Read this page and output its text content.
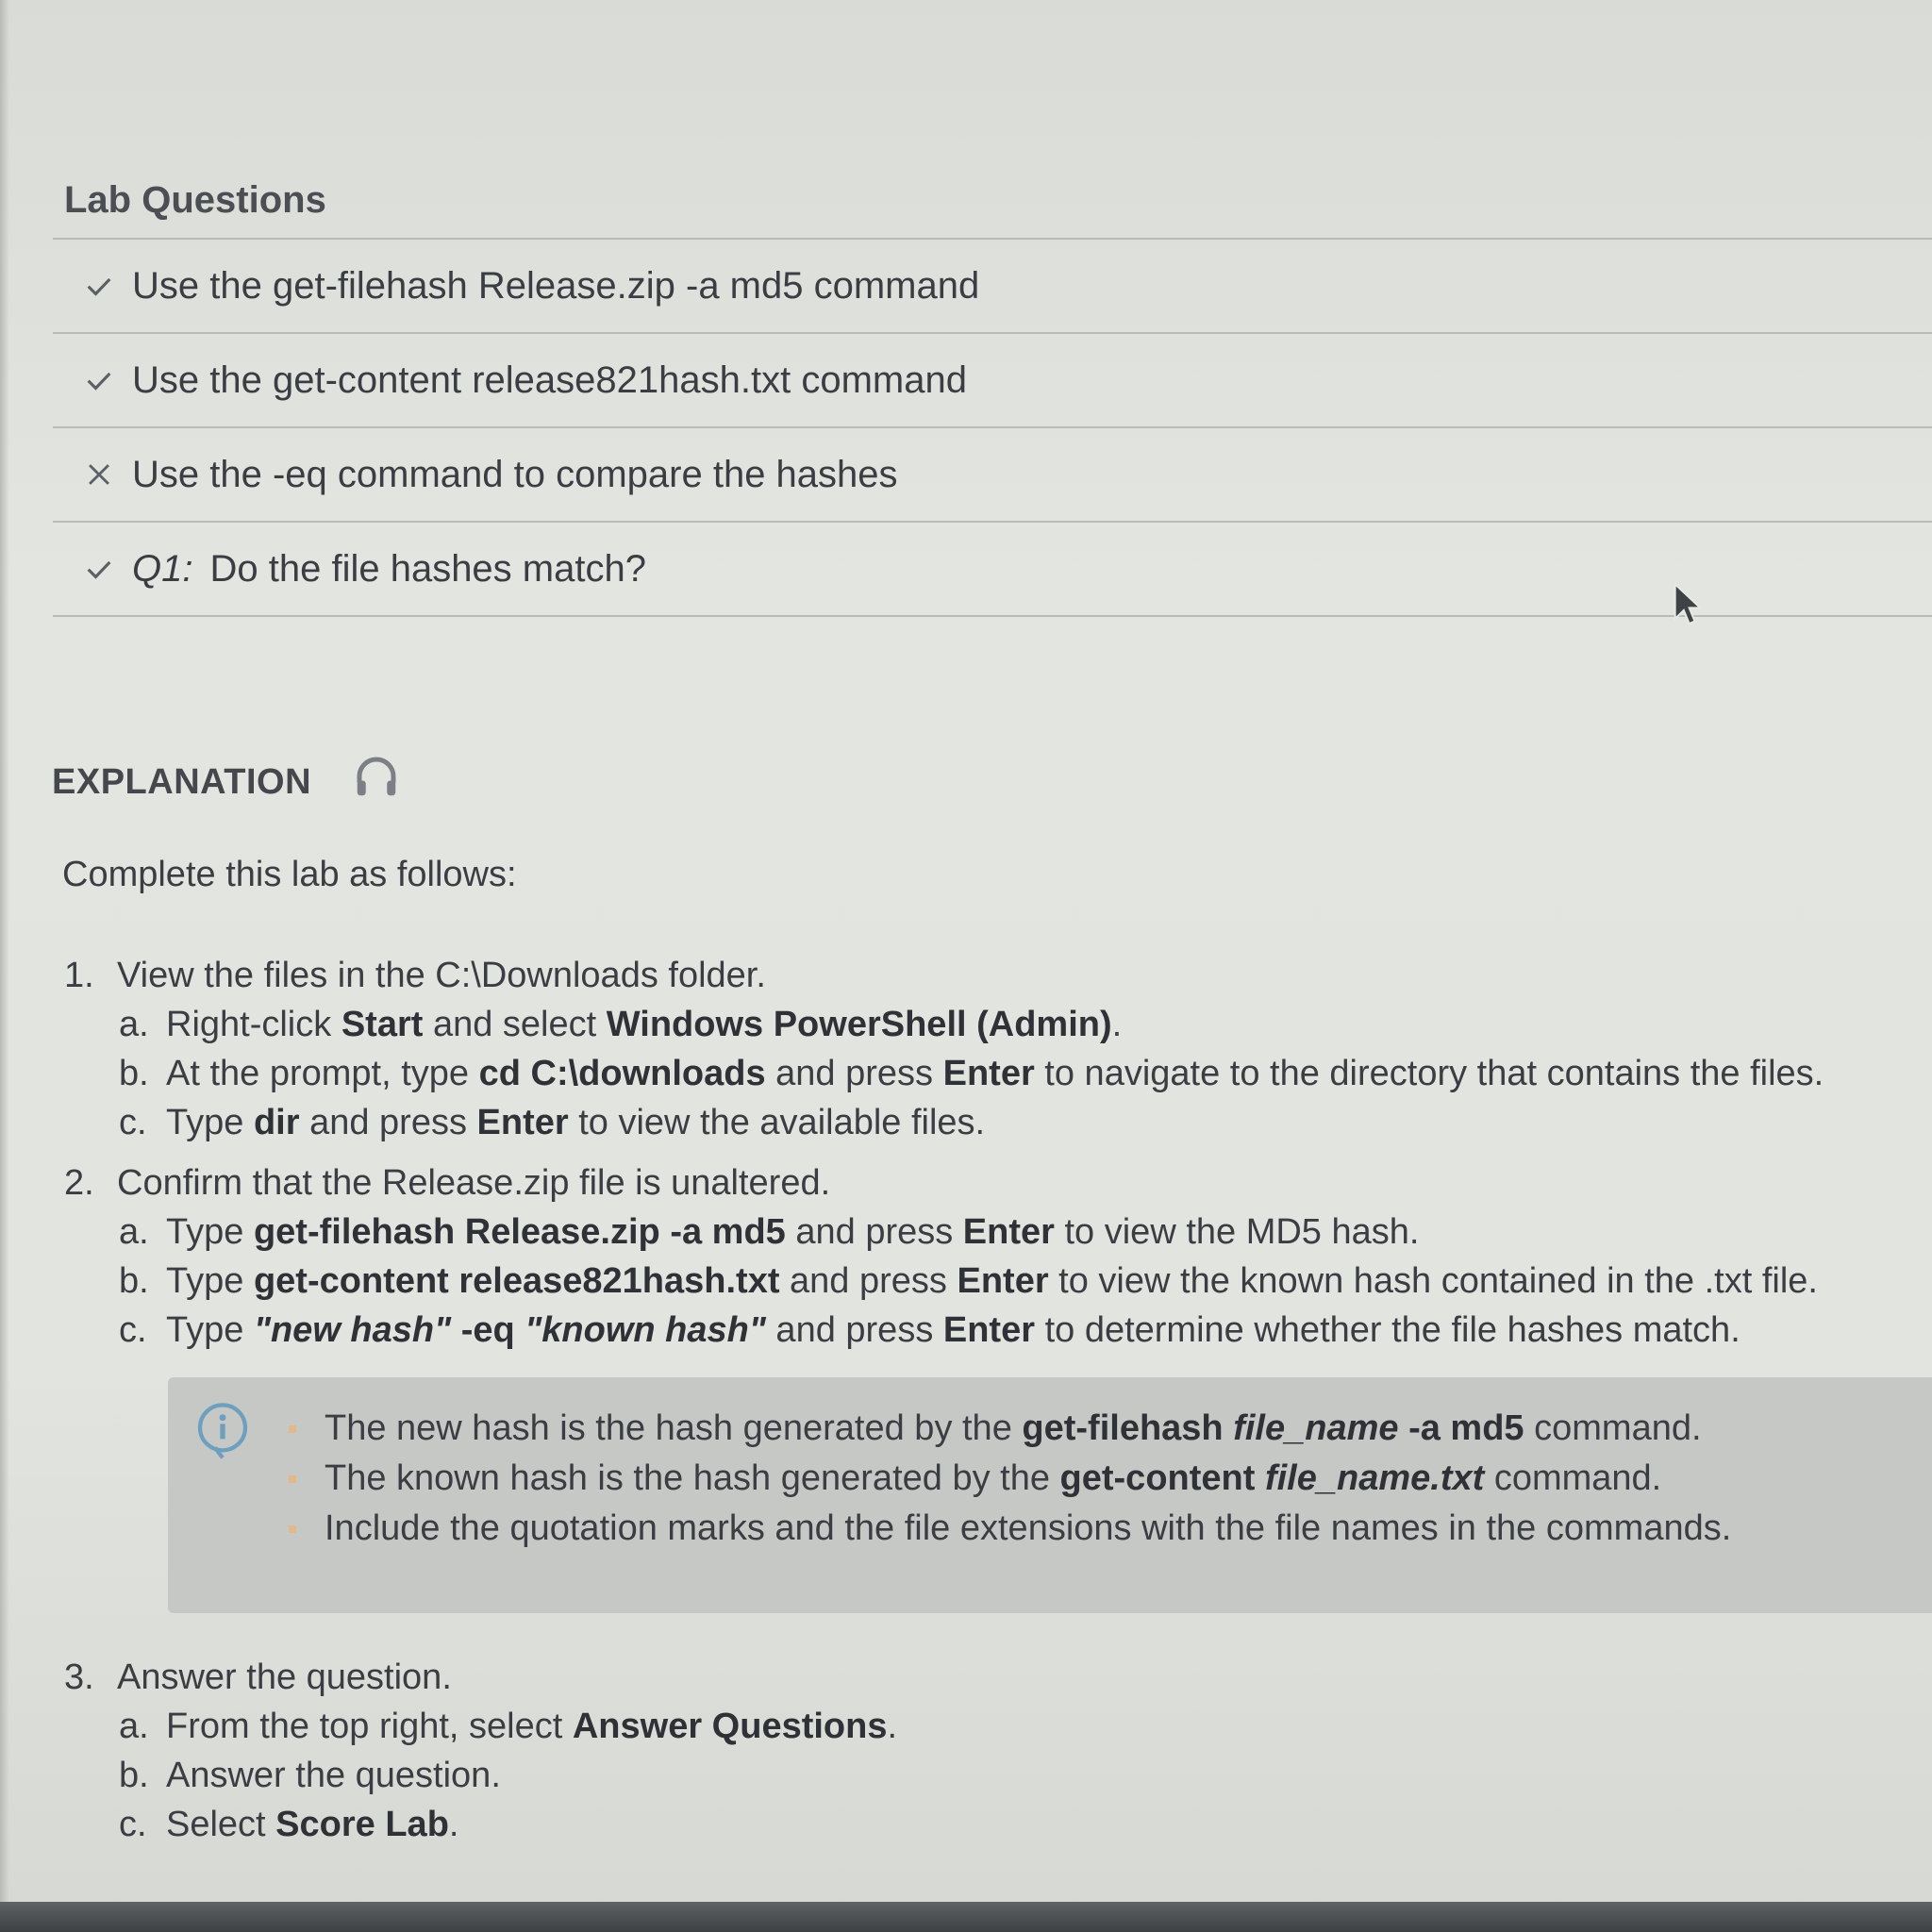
Lab Questions
Use the get-filehash Release.zip -a md5 command
Use the get-content release821hash.txt command
Use the -eq command to compare the hashes
Q1: Do the file hashes match?
EXPLANATION
Complete this lab as follows:
1. View the files in the C:\Downloads folder.
a. Right-click Start and select Windows PowerShell (Admin) .
b. At the prompt, type cd C:\downloads and press Enter to navigate to the directory that contains the files.
c. Type dir and press Enter to view the available files.
2. Confirm that the Release.zip file is unaltered.
a. Type get-filehash Release.zip -a md5 and press Enter to view the MD5 hash.
b. Type get-content release821hash.txt and press Enter to view the known hash contained in the .txt file.
c. Type "new hash" -eq "known hash" and press Enter to determine whether the file hashes match.
The new hash is the hash generated by the get-filehash
file_name
-a md5 command.
The known hash is the hash generated by the get-content
file_name.txt command.
Include the quotation marks and the file extensions with the file names in the commands.
3. Answer the question.
a. From the top right, select Answer Questions .
b. Answer the question.
c. Select Score Lab .
